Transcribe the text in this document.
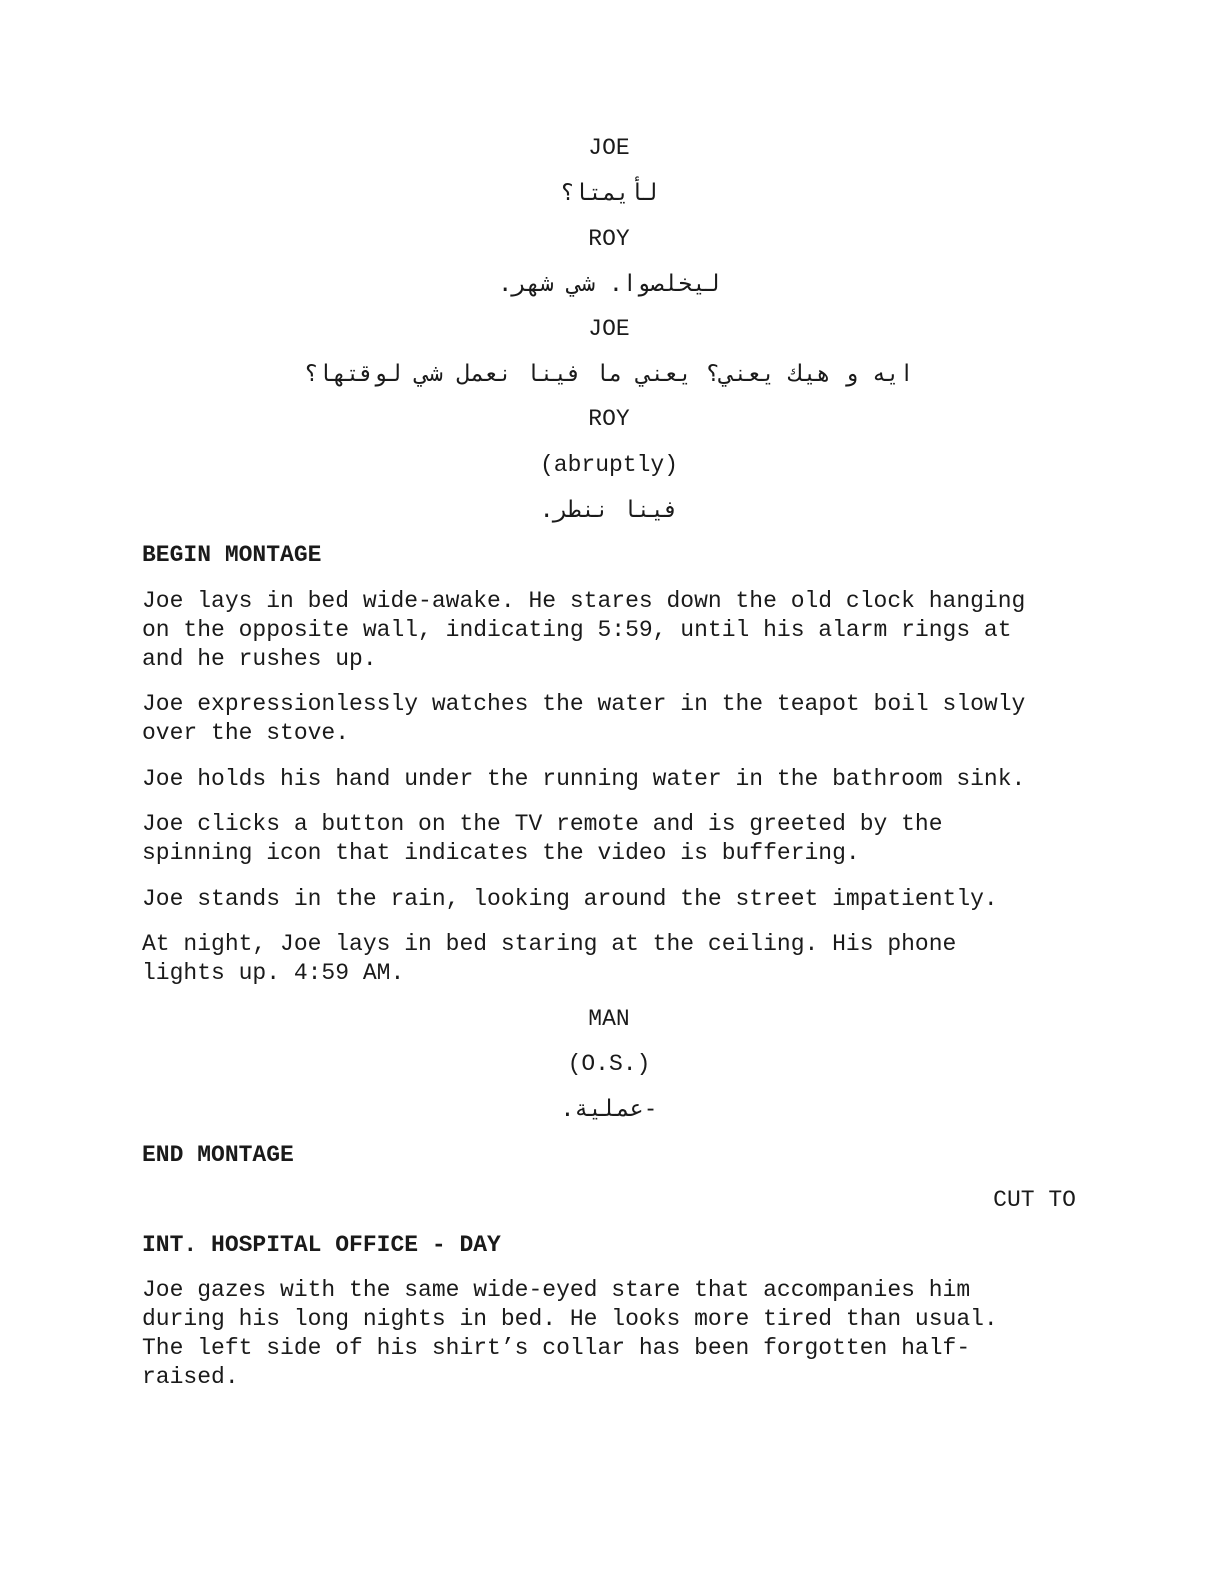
JOE
لأيمتا؟
ROY
ليخلصوا. شي شهر.
JOE
ايه و هيك يعني؟ يعني ما فينا نعمل شي لوقتها؟
ROY
(abruptly)
فينا ننطر.
BEGIN MONTAGE
Joe lays in bed wide-awake. He stares down the old clock hanging
on the opposite wall, indicating 5:59, until his alarm rings at
and he rushes up.
Joe expressionlessly watches the water in the teapot boil slowly
over the stove.
Joe holds his hand under the running water in the bathroom sink.
Joe clicks a button on the TV remote and is greeted by the
spinning icon that indicates the video is buffering.
Joe stands in the rain, looking around the street impatiently.
At night, Joe lays in bed staring at the ceiling. His phone
lights up. 4:59 AM.
MAN
(O.S.)
-عملية.
END MONTAGE
CUT TO
INT. HOSPITAL OFFICE - DAY
Joe gazes with the same wide-eyed stare that accompanies him
during his long nights in bed. He looks more tired than usual.
The left side of his shirt’s collar has been forgotten half-
raised.
